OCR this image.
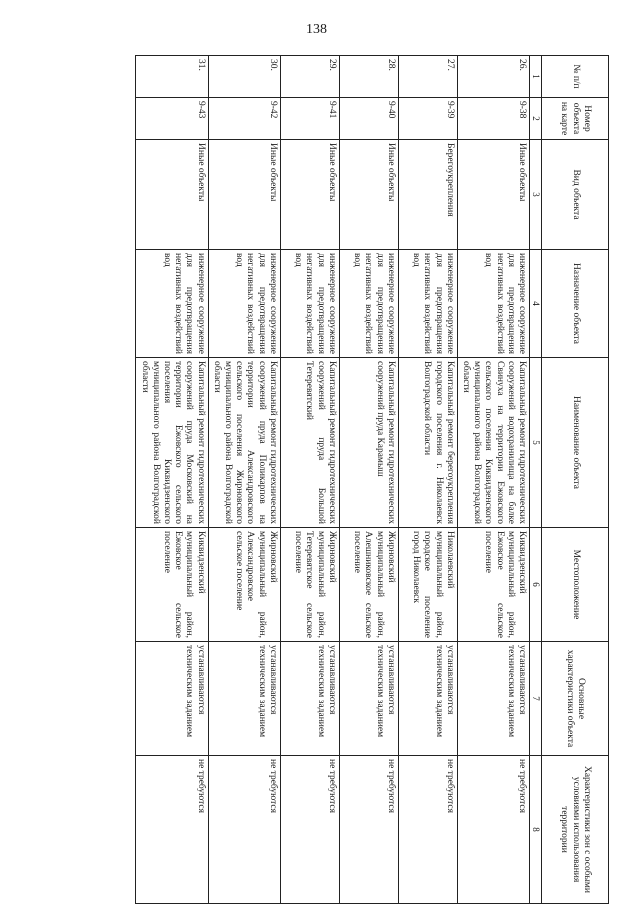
138
№ п/п	Номер объекта на карте	Вид объекта	Назначение объекта	Наименование объекта	Местоположение	Основные характеристики объекта	Характеристики зон с особыми условиями использования территории
1	2	3	4	5	6	7	8
26.	9-38	Иные объекты	инженерное сооружение для предотвращения негативных воздействий вод	Капитальный ремонт гидротехнических сооружений водохранилища на балке Свинуха на территории Ежовского сельского поселения Киквидзенского муниципального района Волгоградской области	Киквидзенский муниципальный район, Ежовское сельское поселение	устанавливаются техническим заданием	не требуются
27.	9-39	Берегоукрепления	инженерное сооружение для предотвращения негативных воздействий вод	Капитальный ремонт берегоукрепления городского поселения г. Николаевск Волгоградской области	Николаевский муниципальный район, городское поселение город Николаевск	устанавливаются техническим заданием	не требуются
28.	9-40	Иные объекты	инженерное сооружение для предотвращения негативных воздействий вод	Капитальный ремонт гидротехнических сооружений пруда Карамыш	Жирновский муниципальный район, Алешниковское сельское поселение	устанавливаются техническим заданием	не требуются
29.	9-41	Иные объекты	инженерное сооружение для предотвращения негативных воздействий вод	Капитальный ремонт гидротехнических сооружений пруда Большой Тетеревятский	Жирновский муниципальный район, Тетеревятское сельское поселение	устанавливаются техническим заданием	не требуются
30.	9-42	Иные объекты	инженерное сооружение для предотвращения негативных воздействий вод	Капитальный ремонт гидротехнических сооружений пруда Поликарпов на территории Александровского сельского поселения Жирновского муниципального района Волгоградской области	Жирновский муниципальный район, Александровское сельское поселение	устанавливаются техническим заданием	не требуются
31.	9-43	Иные объекты	инженерное сооружение для предотвращения негативных воздействий вод	Капитальный ремонт гидротехнических сооружений пруда Московский на территории Ежовского сельского поселения Киквидзенского муниципального района Волгоградской области	Киквидзенский муниципальный район, Ежовское сельское поселение	устанавливаются техническим заданием	не требуются
